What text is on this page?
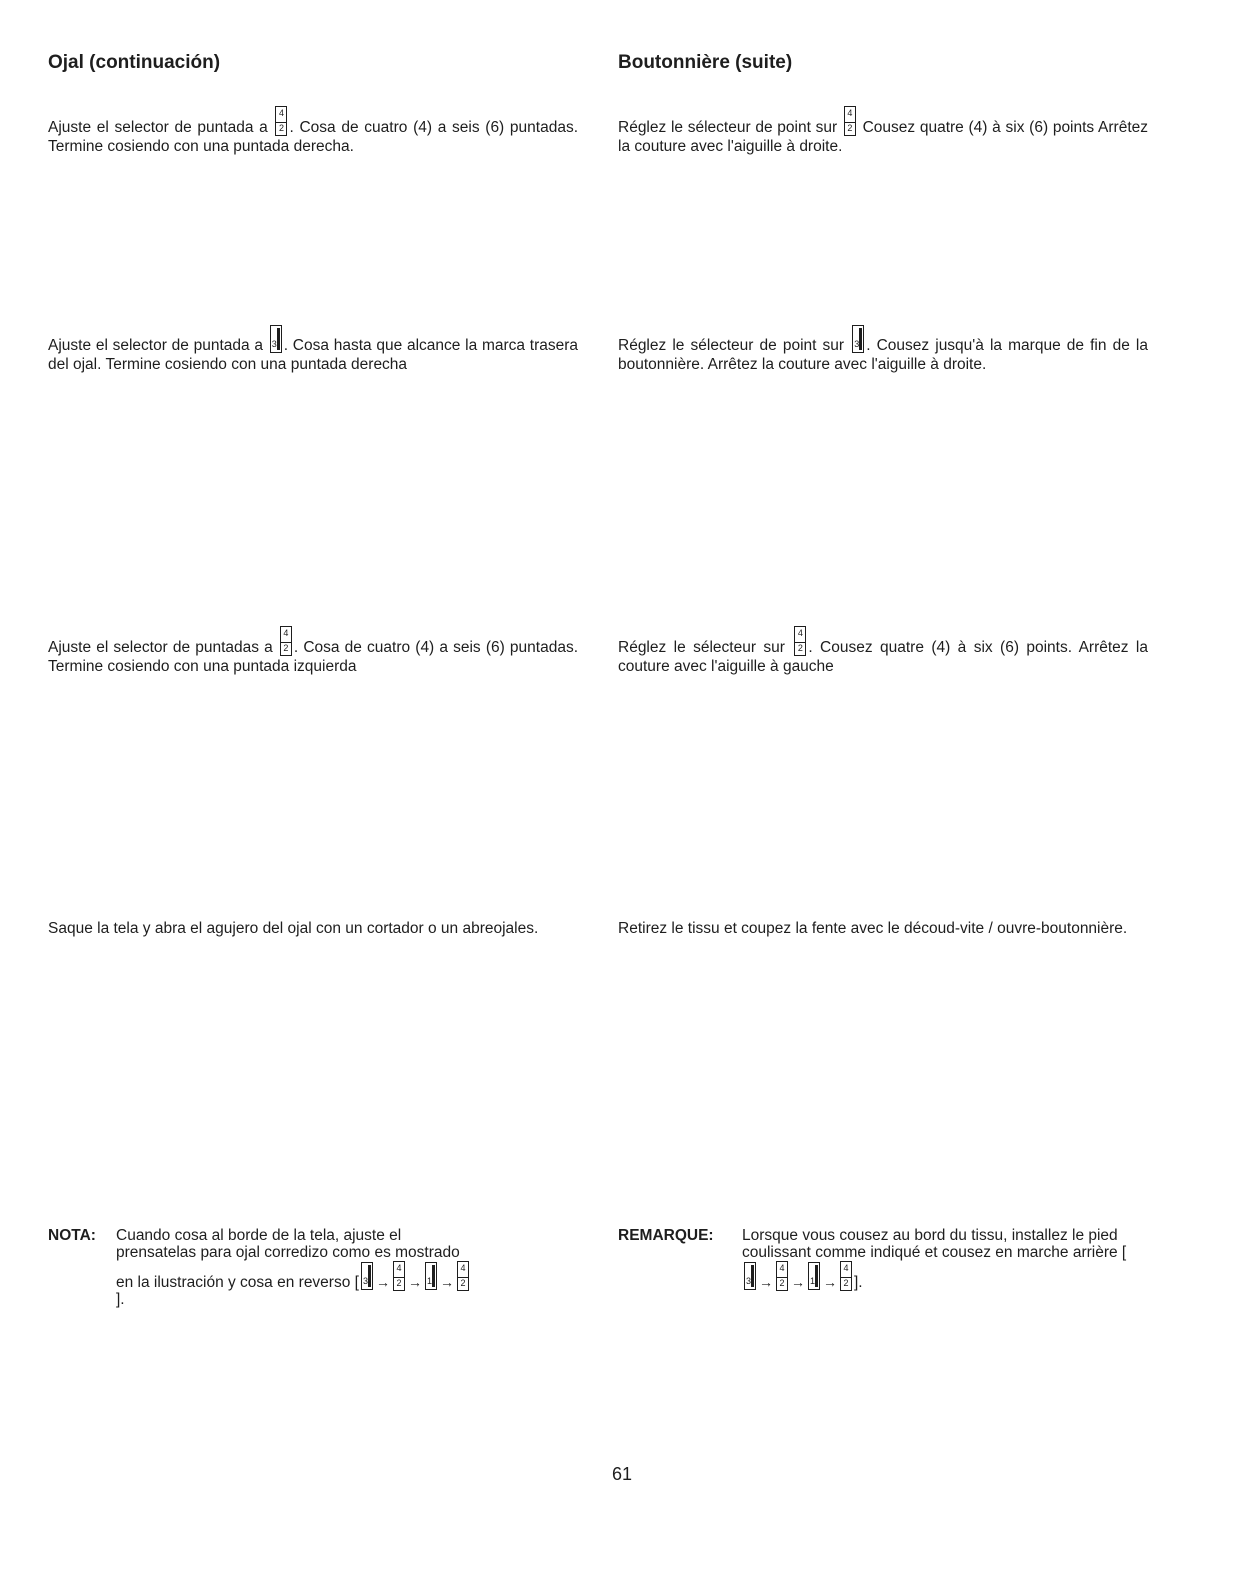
Ojal (continuación)

Ajuste el selector de puntada a $\frac{4}{2}$ . Cosa de cuatro (4) a seis (6) puntadas. Termine cosiendo con una puntada derecha.

Ajuste el selector de puntada a 3 . Cosa hasta que alcance la marca trasera del ojal. Termine cosiendo con una puntada derecha

Ajuste el selector de puntadas a $\frac{4}{2}$ . Cosa de cuatro (4) a seis (6) puntadas. Termine cosiendo con una puntada izquierda

Saque la tela y abra el agujero del ojal con un cortador o un abreojales.

NOTA: Cuando cosa al borde de la tela, ajuste el prensatelas para ojal corredizo como es mostrado en la ilustración y cosa en reverso [ $3 \to \frac{4}{2} \to 1 \to \frac{4}{2}$
].
Boutonnière (suite)

Réglez le sélecteur de point sur $\frac{4}{2}$ Cousez quatre (4) à six (6) points Arrêtez la couture avec l'aiguille à droite.

Réglez le sélecteur de point sur 3 . Cousez jusqu'à la marque de fin de la boutonnière. Arrêtez la couture avec l'aiguille à droite.

Réglez le sélecteur sur $\frac{4}{2}$ . Cousez quatre (4) à six (6) points. Arrêtez la couture avec l'aiguille à gauche

Retirez le tissu et coupez la fente avec le découd-vite / ouvre-boutonnière.

REMARQUE: Lorsque vous cousez au bord du tissu, installez le pied coulissant comme indiqué et cousez en marche arrière [
$3 \to \frac{4}{2} \to 1 \to \frac{4}{2}$ ].
61
